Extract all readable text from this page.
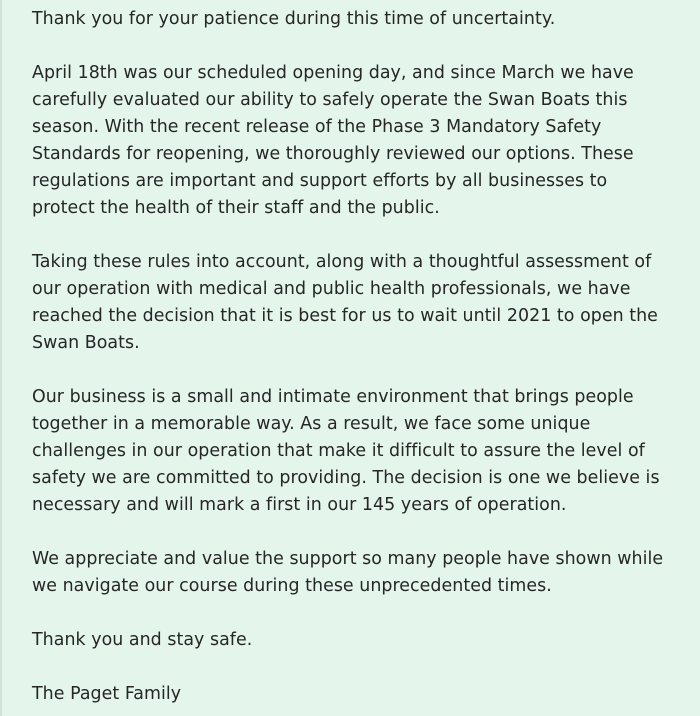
Thank you for your patience during this time of uncertainty.

April 18th was our scheduled opening day, and since March we have carefully evaluated our ability to safely operate the Swan Boats this season. With the recent release of the Phase 3 Mandatory Safety Standards for reopening, we thoroughly reviewed our options. These regulations are important and support efforts by all businesses to protect the health of their staff and the public.

Taking these rules into account, along with a thoughtful assessment of our operation with medical and public health professionals, we have reached the decision that it is best for us to wait until 2021 to open the Swan Boats.

Our business is a small and intimate environment that brings people together in a memorable way. As a result, we face some unique challenges in our operation that make it difficult to assure the level of safety we are committed to providing. The decision is one we believe is necessary and will mark a first in our 145 years of operation.

We appreciate and value the support so many people have shown while we navigate our course during these unprecedented times.

Thank you and stay safe.

The Paget Family
